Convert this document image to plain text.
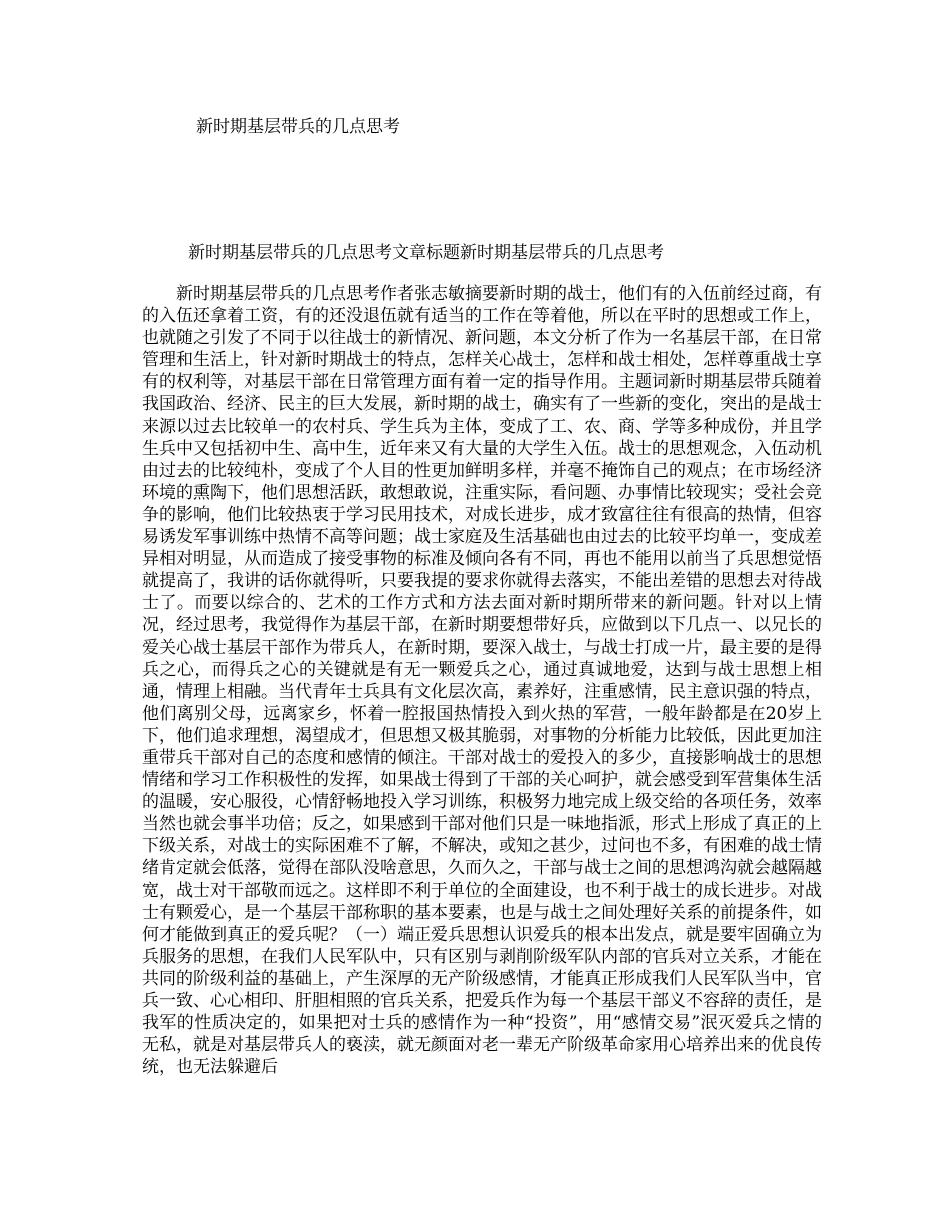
新时期基层带兵的几点思考
新时期基层带兵的几点思考文章标题新时期基层带兵的几点思考

新时期基层带兵的几点思考作者张志敏摘要新时期的战士，他们有的入伍前经过商，有的入伍还拿着工资，有的还没退伍就有适当的工作在等着他，所以在平时的思想或工作上，也就随之引发了不同于以往战士的新情况、新问题，本文分析了作为一名基层干部，在日常管理和生活上，针对新时期战士的特点，怎样关心战士，怎样和战士相处，怎样尊重战士享有的权利等，对基层干部在日常管理方面有着一定的指导作用。主题词新时期基层带兵随着我国政治、经济、民主的巨大发展，新时期的战士，确实有了一些新的变化，突出的是战士来源以过去比较单一的农村兵、学生兵为主体，变成了工、农、商、学等多种成份，并且学生兵中又包括初中生、高中生，近年来又有大量的大学生入伍。战士的思想观念，入伍动机由过去的比较纯朴，变成了个人目的性更加鲜明多样，并毫不掩饰自己的观点；在市场经济环境的熏陶下，他们思想活跃，敢想敢说，注重实际，看问题、办事情比较现实；受社会竞争的影响，他们比较热衷于学习民用技术，对成长进步，成才致富往往有很高的热情，但容易诱发军事训练中热情不高等问题；战士家庭及生活基础也由过去的比较平均单一，变成差异相对明显，从而造成了接受事物的标准及倾向各有不同，再也不能用以前当了兵思想觉悟就提高了，我讲的话你就得听，只要我提的要求你就得去落实，不能出差错的思想去对待战士了。而要以综合的、艺术的工作方式和方法去面对新时期所带来的新问题。针对以上情况，经过思考，我觉得作为基层干部，在新时期要想带好兵，应做到以下几点一、以兄长的爱关心战士基层干部作为带兵人，在新时期，要深入战士，与战士打成一片，最主要的是得兵之心，而得兵之心的关键就是有无一颗爱兵之心，通过真诚地爱，达到与战士思想上相通，情理上相融。当代青年士兵具有文化层次高，素养好，注重感情，民主意识强的特点，他们离别父母，远离家乡，怀着一腔报国热情投入到火热的军营，一般年龄都是在20岁上下，他们追求理想，渴望成才，但思想又极其脆弱，对事物的分析能力比较低，因此更加注重带兵干部对自己的态度和感情的倾注。干部对战士的爱投入的多少，直接影响战士的思想情绪和学习工作积极性的发挥，如果战士得到了干部的关心呵护，就会感受到军营集体生活的温暖，安心服役，心情舒畅地投入学习训练，积极努力地完成上级交给的各项任务，效率当然也就会事半功倍；反之，如果感到干部对他们只是一味地指派，形式上形成了真正的上下级关系，对战士的实际困难不了解，不解决，或知之甚少，过问也不多，有困难的战士情绪肯定就会低落，觉得在部队没啥意思，久而久之，干部与战士之间的思想鸿沟就会越隔越宽，战士对干部敬而远之。这样即不利于单位的全面建设，也不利于战士的成长进步。对战士有颗爱心，是一个基层干部称职的基本要素，也是与战士之间处理好关系的前提条件，如何才能做到真正的爱兵呢？（一）端正爱兵思想认识爱兵的根本出发点，就是要牢固确立为兵服务的思想，在我们人民军队中，只有区别与剥削阶级军队内部的官兵对立关系，才能在共同的阶级利益的基础上，产生深厚的无产阶级感情，才能真正形成我们人民军队当中，官兵一致、心心相印、肝胆相照的官兵关系，把爱兵作为每一个基层干部义不容辞的责任，是我军的性质决定的，如果把对士兵的感情作为一种“投资”，用“感情交易”泯灭爱兵之情的无私，就是对基层带兵人的亵渎，就无颜面对老一辈无产阶级革命家用心培养出来的优良传统，也无法躲避后
